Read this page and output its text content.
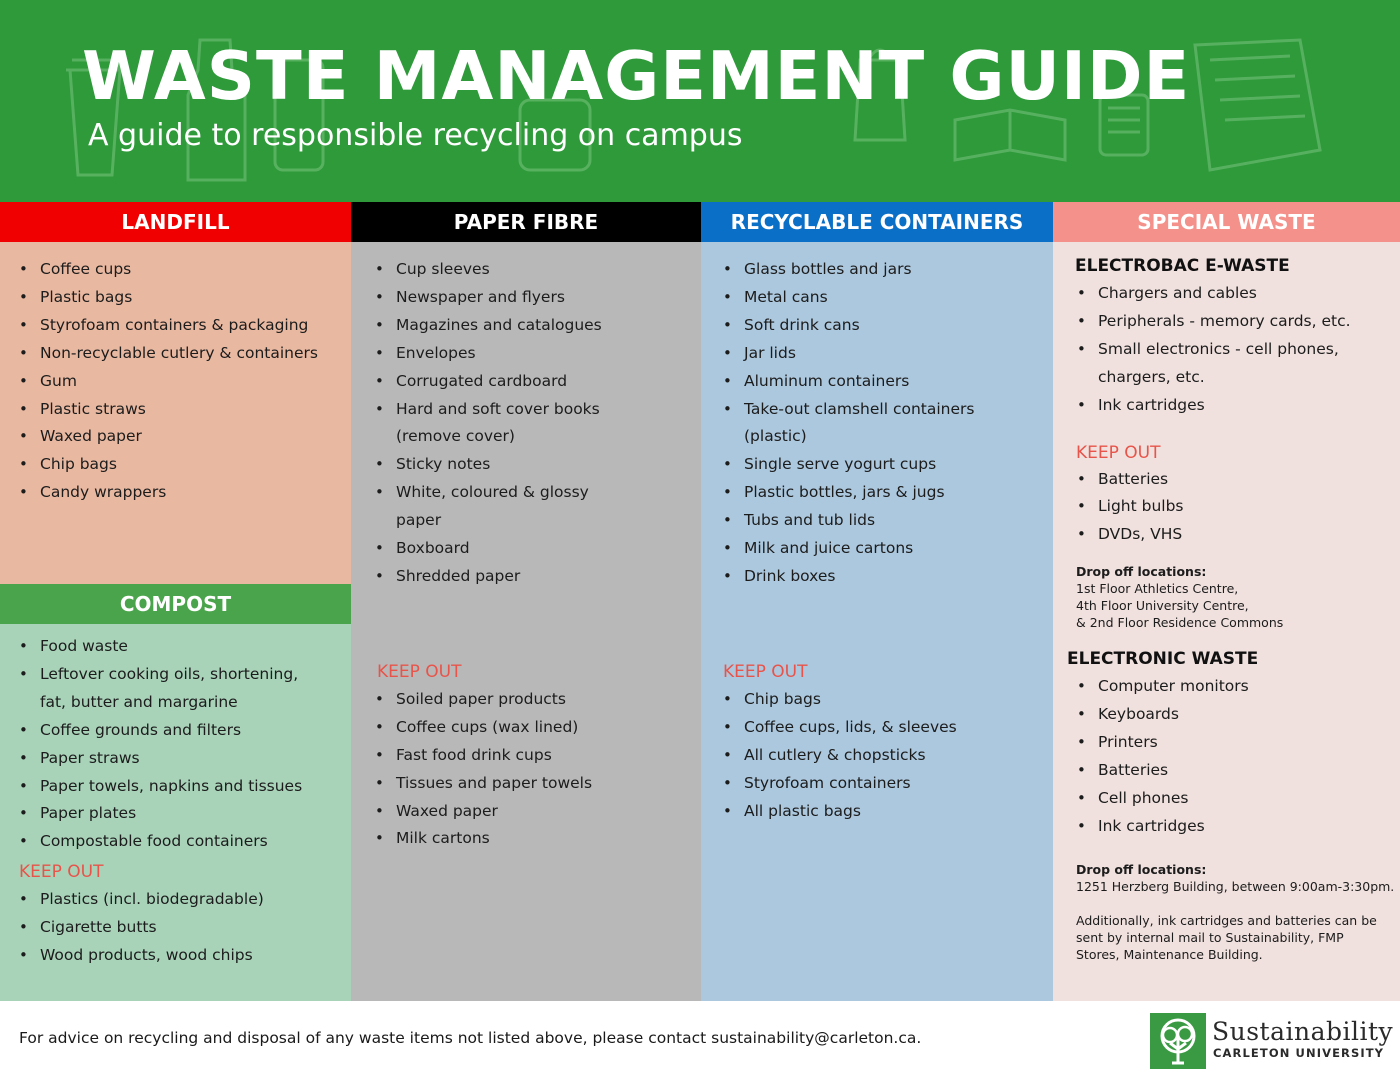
WASTE MANAGEMENT GUIDE

A guide to responsible recycling on campus

LANDFILL	PAPER FIBRE	RECYCLABLE CONTAINERS	SPECIAL WASTE
• Coffee cups
• Plastic bags
• Styrofoam containers & packaging
• Non-recyclable cutlery & containers
• Gum
• Plastic straws
• Waxed paper
• Chip bags
• Candy wrappers
COMPOST
• Food waste
• Leftover cooking oils, shortening,
fat, butter and margarine
• Coffee grounds and filters
• Paper straws
• Paper towels, napkins and tissues
• Paper plates
• Compostable food containers

KEEP OUT

• Plastics (incl. biodegradable)
• Cigarette butts
• Wood products, wood chips
• Cup sleeves
• Newspaper and flyers
• Magazines and catalogues
• Envelopes
• Corrugated cardboard
• Hard and soft cover books
(remove cover)
• Sticky notes
• White, coloured & glossy
paper
• Boxboard
• Shredded paper

KEEP OUT

• Soiled paper products
• Coffee cups (wax lined)
• Fast food drink cups
• Tissues and paper towels
• Waxed paper
• Milk cartons
• Glass bottles and jars
• Metal cans
• Soft drink cans
• Jar lids
• Aluminum containers
• Take-out clamshell containers
(plastic)
• Single serve yogurt cups
• Plastic bottles, jars & jugs
• Tubs and tub lids
• Milk and juice cartons
• Drink boxes

KEEP OUT

• Chip bags
• Coffee cups, lids, & sleeves
• All cutlery & chopsticks
• Styrofoam containers
• All plastic bags

ELECTROBAC E-WASTE

• Chargers and cables
• Peripherals - memory cards, etc.
• Small electronics - cell phones,
chargers, etc.
• Ink cartridges

KEEP OUT

• Batteries
• Light bulbs
• DVDs, VHS

Drop off locations:

1st Floor Athletics Centre,

4th Floor University Centre,

& 2nd Floor Residence Commons

ELECTRONIC WASTE

• Computer monitors
• Keyboards
• Printers
• Batteries
• Cell phones
• Ink cartridges

Drop off locations:

1251 Herzberg Building, between 9:00am-3:30pm.

Additionally, ink cartridges and batteries can be

sent by internal mail to Sustainability, FMP

Stores, Maintenance Building.

For advice on recycling and disposal of any waste items not listed above, please contact sustainability@carleton.ca.	Sustainability
CARLETON UNIVERSITY
